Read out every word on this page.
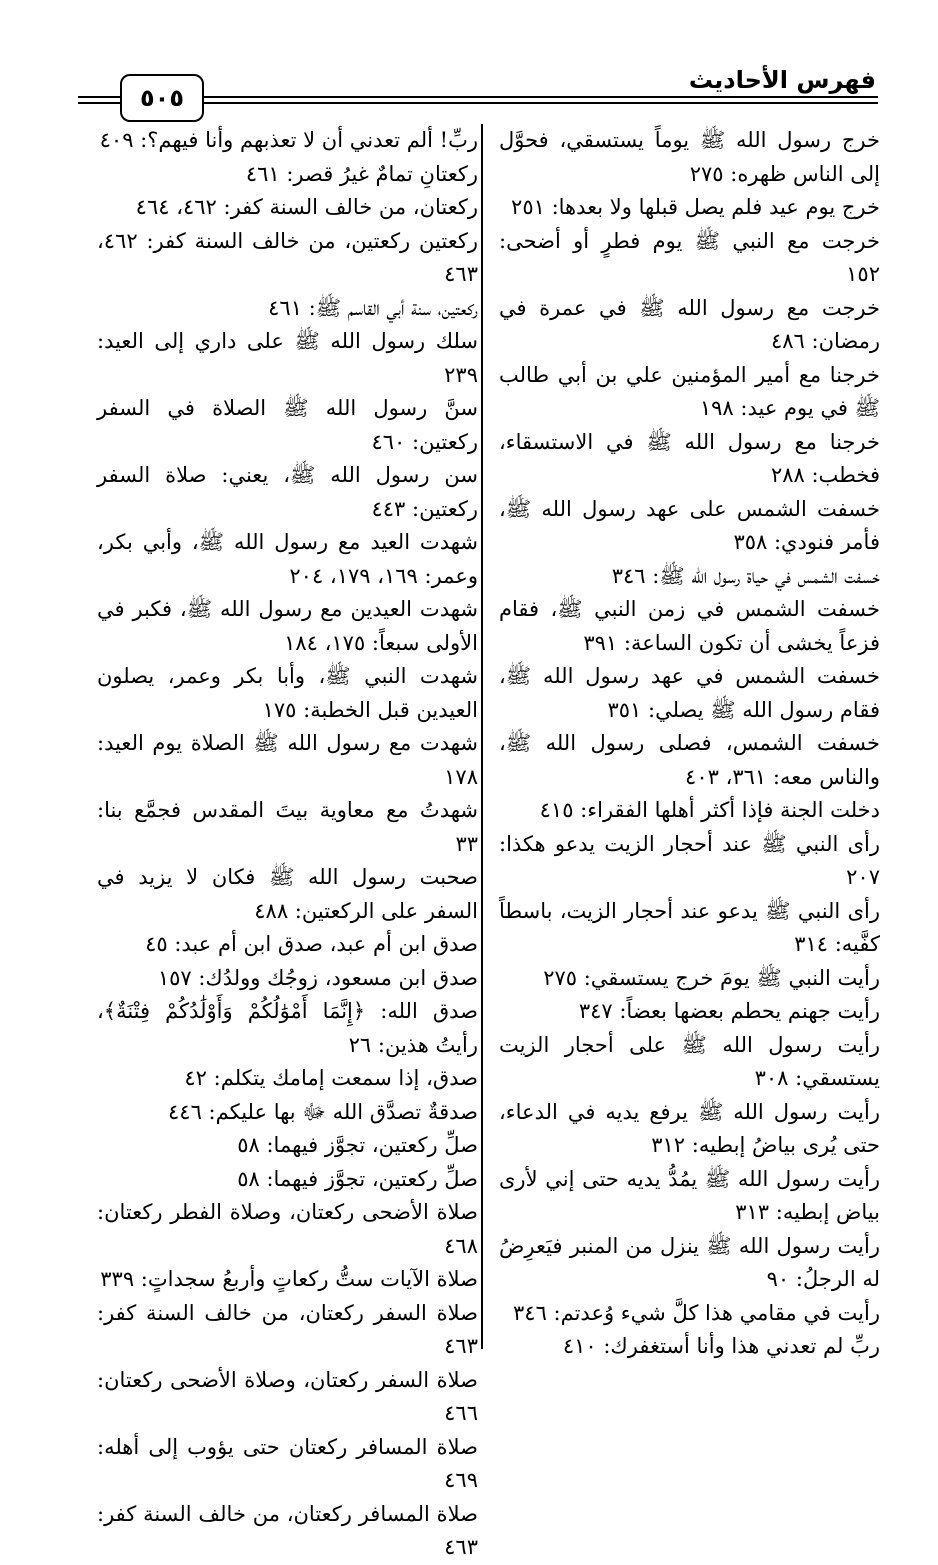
٥٠٥
فهرس الأحاديث

خرج رسول الله ﷺ يوماً يستسقي، فحوَّل إلى الناس ظهره: ٢٧٥

خرج يوم عيد فلم يصل قبلها ولا بعدها: ٢٥١

خرجت مع النبي ﷺ يوم فطرٍ أو أضحى: ١٥٢

خرجت مع رسول الله ﷺ في عمرة في رمضان: ٤٨٦

خرجنا مع أمير المؤمنين علي بن أبي طالب ﷺ في يوم عيد: ١٩٨

خرجنا مع رسول الله ﷺ في الاستسقاء، فخطب: ٢٨٨

خسفت الشمس على عهد رسول الله ﷺ، فأمر فنودي: ٣٥٨

خسفت الشمس في حياة رسول الله ﷺ: ٣٤٦

خسفت الشمس في زمن النبي ﷺ، فقام فزعاً يخشى أن تكون الساعة: ٣٩١

خسفت الشمس في عهد رسول الله ﷺ، فقام رسول الله ﷺ يصلي: ٣٥١

خسفت الشمس، فصلى رسول الله ﷺ، والناس معه: ٣٦١، ٤٠٣

دخلت الجنة فإذا أكثر أهلها الفقراء: ٤١٥

رأى النبي ﷺ عند أحجار الزيت يدعو هكذا: ٢٠٧

رأى النبي ﷺ يدعو عند أحجار الزيت، باسطاً كفَّيه: ٣١٤

رأيت النبي ﷺ يومَ خرج يستسقي: ٢٧٥

رأيت جهنم يحطم بعضها بعضاً: ٣٤٧

رأيت رسول الله ﷺ على أحجار الزيت يستسقي: ٣٠٨

رأيت رسول الله ﷺ يرفع يديه في الدعاء، حتى يُرى بياضُ إبطيه: ٣١٢

رأيت رسول الله ﷺ يمُدُّ يديه حتى إني لأرى بياض إبطيه: ٣١٣

رأيت رسول الله ﷺ ينزل من المنبر فيَعرِضُ له الرجلُ: ٩٠

رأيت في مقامي هذا كلَّ شيء وُعدتم: ٣٤٦

ربِّ لم تعدني هذا وأنا أستغفرك: ٤١٠

ربِّ! ألم تعدني أن لا تعذبهم وأنا فيهم؟: ٤٠٩

ركعتانِ تمامٌ غيرُ قصر: ٤٦١

ركعتان، من خالف السنة كفر: ٤٦٢، ٤٦٤

ركعتين ركعتين، من خالف السنة كفر: ٤٦٢، ٤٦٣

ركعتين، سنة أبي القاسم ﷺ: ٤٦١

سلك رسول الله ﷺ على داري إلى العيد: ٢٣٩

سنَّ رسول الله ﷺ الصلاة في السفر ركعتين: ٤٦٠

سن رسول الله ﷺ، يعني: صلاة السفر ركعتين: ٤٤٣

شهدت العيد مع رسول الله ﷺ، وأبي بكر، وعمر: ١٦٩، ١٧٩، ٢٠٤

شهدت العيدين مع رسول الله ﷺ، فكبر في الأولى سبعاً: ١٧٥، ١٨٤

شهدت النبي ﷺ، وأبا بكر وعمر، يصلون العيدين قبل الخطبة: ١٧٥

شهدت مع رسول الله ﷺ الصلاة يوم العيد: ١٧٨

شهدتُ مع معاوية بيتَ المقدس فجمَّع بنا: ٣٣

صحبت رسول الله ﷺ فكان لا يزيد في السفر على الركعتين: ٤٨٨

صدق ابن أم عبد، صدق ابن أم عبد: ٤٥

صدق ابن مسعود، زوجُك وولدُك: ١٥٧

صدق الله: ﴿إِنَّمَا أَمْوَٰلُكُمْ وَأَوْلَٰدُكُمْ فِتْنَةٌ﴾، رأيتُ هذين: ٢٦

صدق، إذا سمعت إمامك يتكلم: ٤٢

صدقةٌ تصدَّق الله ﷻ بها عليكم: ٤٤٦

صلِّ ركعتين، تجوَّز فيهما: ٥٨

صلِّ ركعتين، تجوَّز فيهما: ٥٨

صلاة الأضحى ركعتان، وصلاة الفطر ركعتان: ٤٦٨

صلاة الآيات ستُّ ركعاتٍ وأربعُ سجداتٍ: ٣٣٩

صلاة السفر ركعتان، من خالف السنة كفر: ٤٦٣

صلاة السفر ركعتان، وصلاة الأضحى ركعتان: ٤٦٦

صلاة المسافر ركعتان حتى يؤوب إلى أهله: ٤٦٩

صلاة المسافر ركعتان، من خالف السنة كفر: ٤٦٣
